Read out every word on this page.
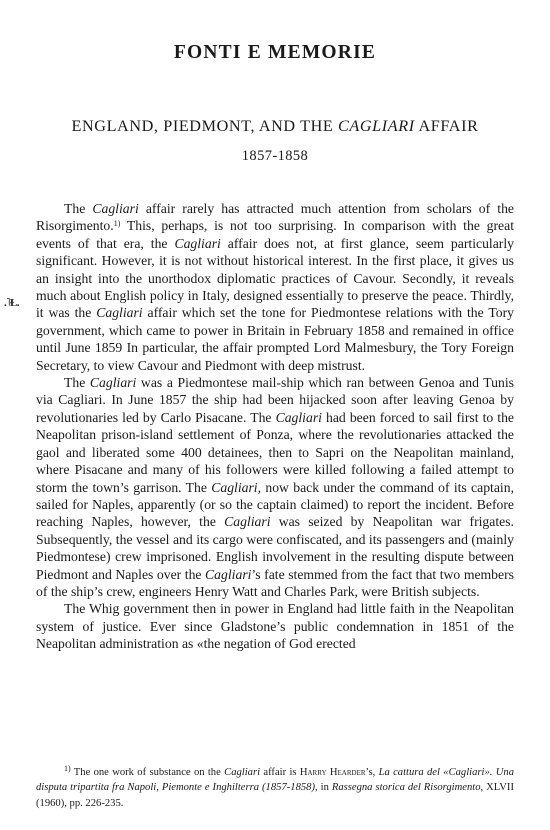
FONTI E MEMORIE
ENGLAND, PIEDMONT, AND THE CAGLIARI AFFAIR
1857-1858
.˥Ɫ.

The Cagliari affair rarely has attracted much attention from scholars of the Risorgimento.$^{1)}$ This, perhaps, is not too surprising. In comparison with the great events of that era, the Cagliari affair does not, at first glance, seem particularly significant. However, it is not without historical interest. In the first place, it gives us an insight into the unorthodox diplomatic practices of Cavour. Secondly, it reveals much about English policy in Italy, designed essentially to preserve the peace. Thirdly, it was the Cagliari affair which set the tone for Piedmontese relations with the Tory government, which came to power in Britain in February 1858 and remained in office until June 1859 In particular, the affair prompted Lord Malmesbury, the Tory Foreign Secretary, to view Cavour and Piedmont with deep mistrust.

The Cagliari was a Piedmontese mail-ship which ran between Genoa and Tunis via Cagliari. In June 1857 the ship had been hijacked soon after leaving Genoa by revolutionaries led by Carlo Pisacane. The Cagliari had been forced to sail first to the Neapolitan prison-island settlement of Ponza, where the revolutionaries attacked the gaol and liberated some 400 detainees, then to Sapri on the Neapolitan mainland, where Pisacane and many of his followers were killed following a failed attempt to storm the town’s garrison. The Cagliari, now back under the command of its captain, sailed for Naples, apparently (or so the captain claimed) to report the incident. Before reaching Naples, however, the Cagliari was seized by Neapolitan war frigates. Subsequently, the vessel and its cargo were confiscated, and its passengers and (mainly Piedmontese) crew imprisoned. English involvement in the resulting dispute between Piedmont and Naples over the Cagliari’s fate stemmed from the fact that two members of the ship’s crew, engineers Henry Watt and Charles Park, were British subjects.

The Whig government then in power in England had little faith in the Neapolitan system of justice. Ever since Gladstone’s public condemnation in 1851 of the Neapolitan administration as «the negation of God erected

$^{1)}$ The one work of substance on the Cagliari affair is Harry Hearder’s, La cattura del «Cagliari». Una disputa tripartita fra Napoli, Piemonte e Inghilterra (1857-1858), in Rassegna storica del Risorgimento, XLVII (1960), pp. 226-235.
